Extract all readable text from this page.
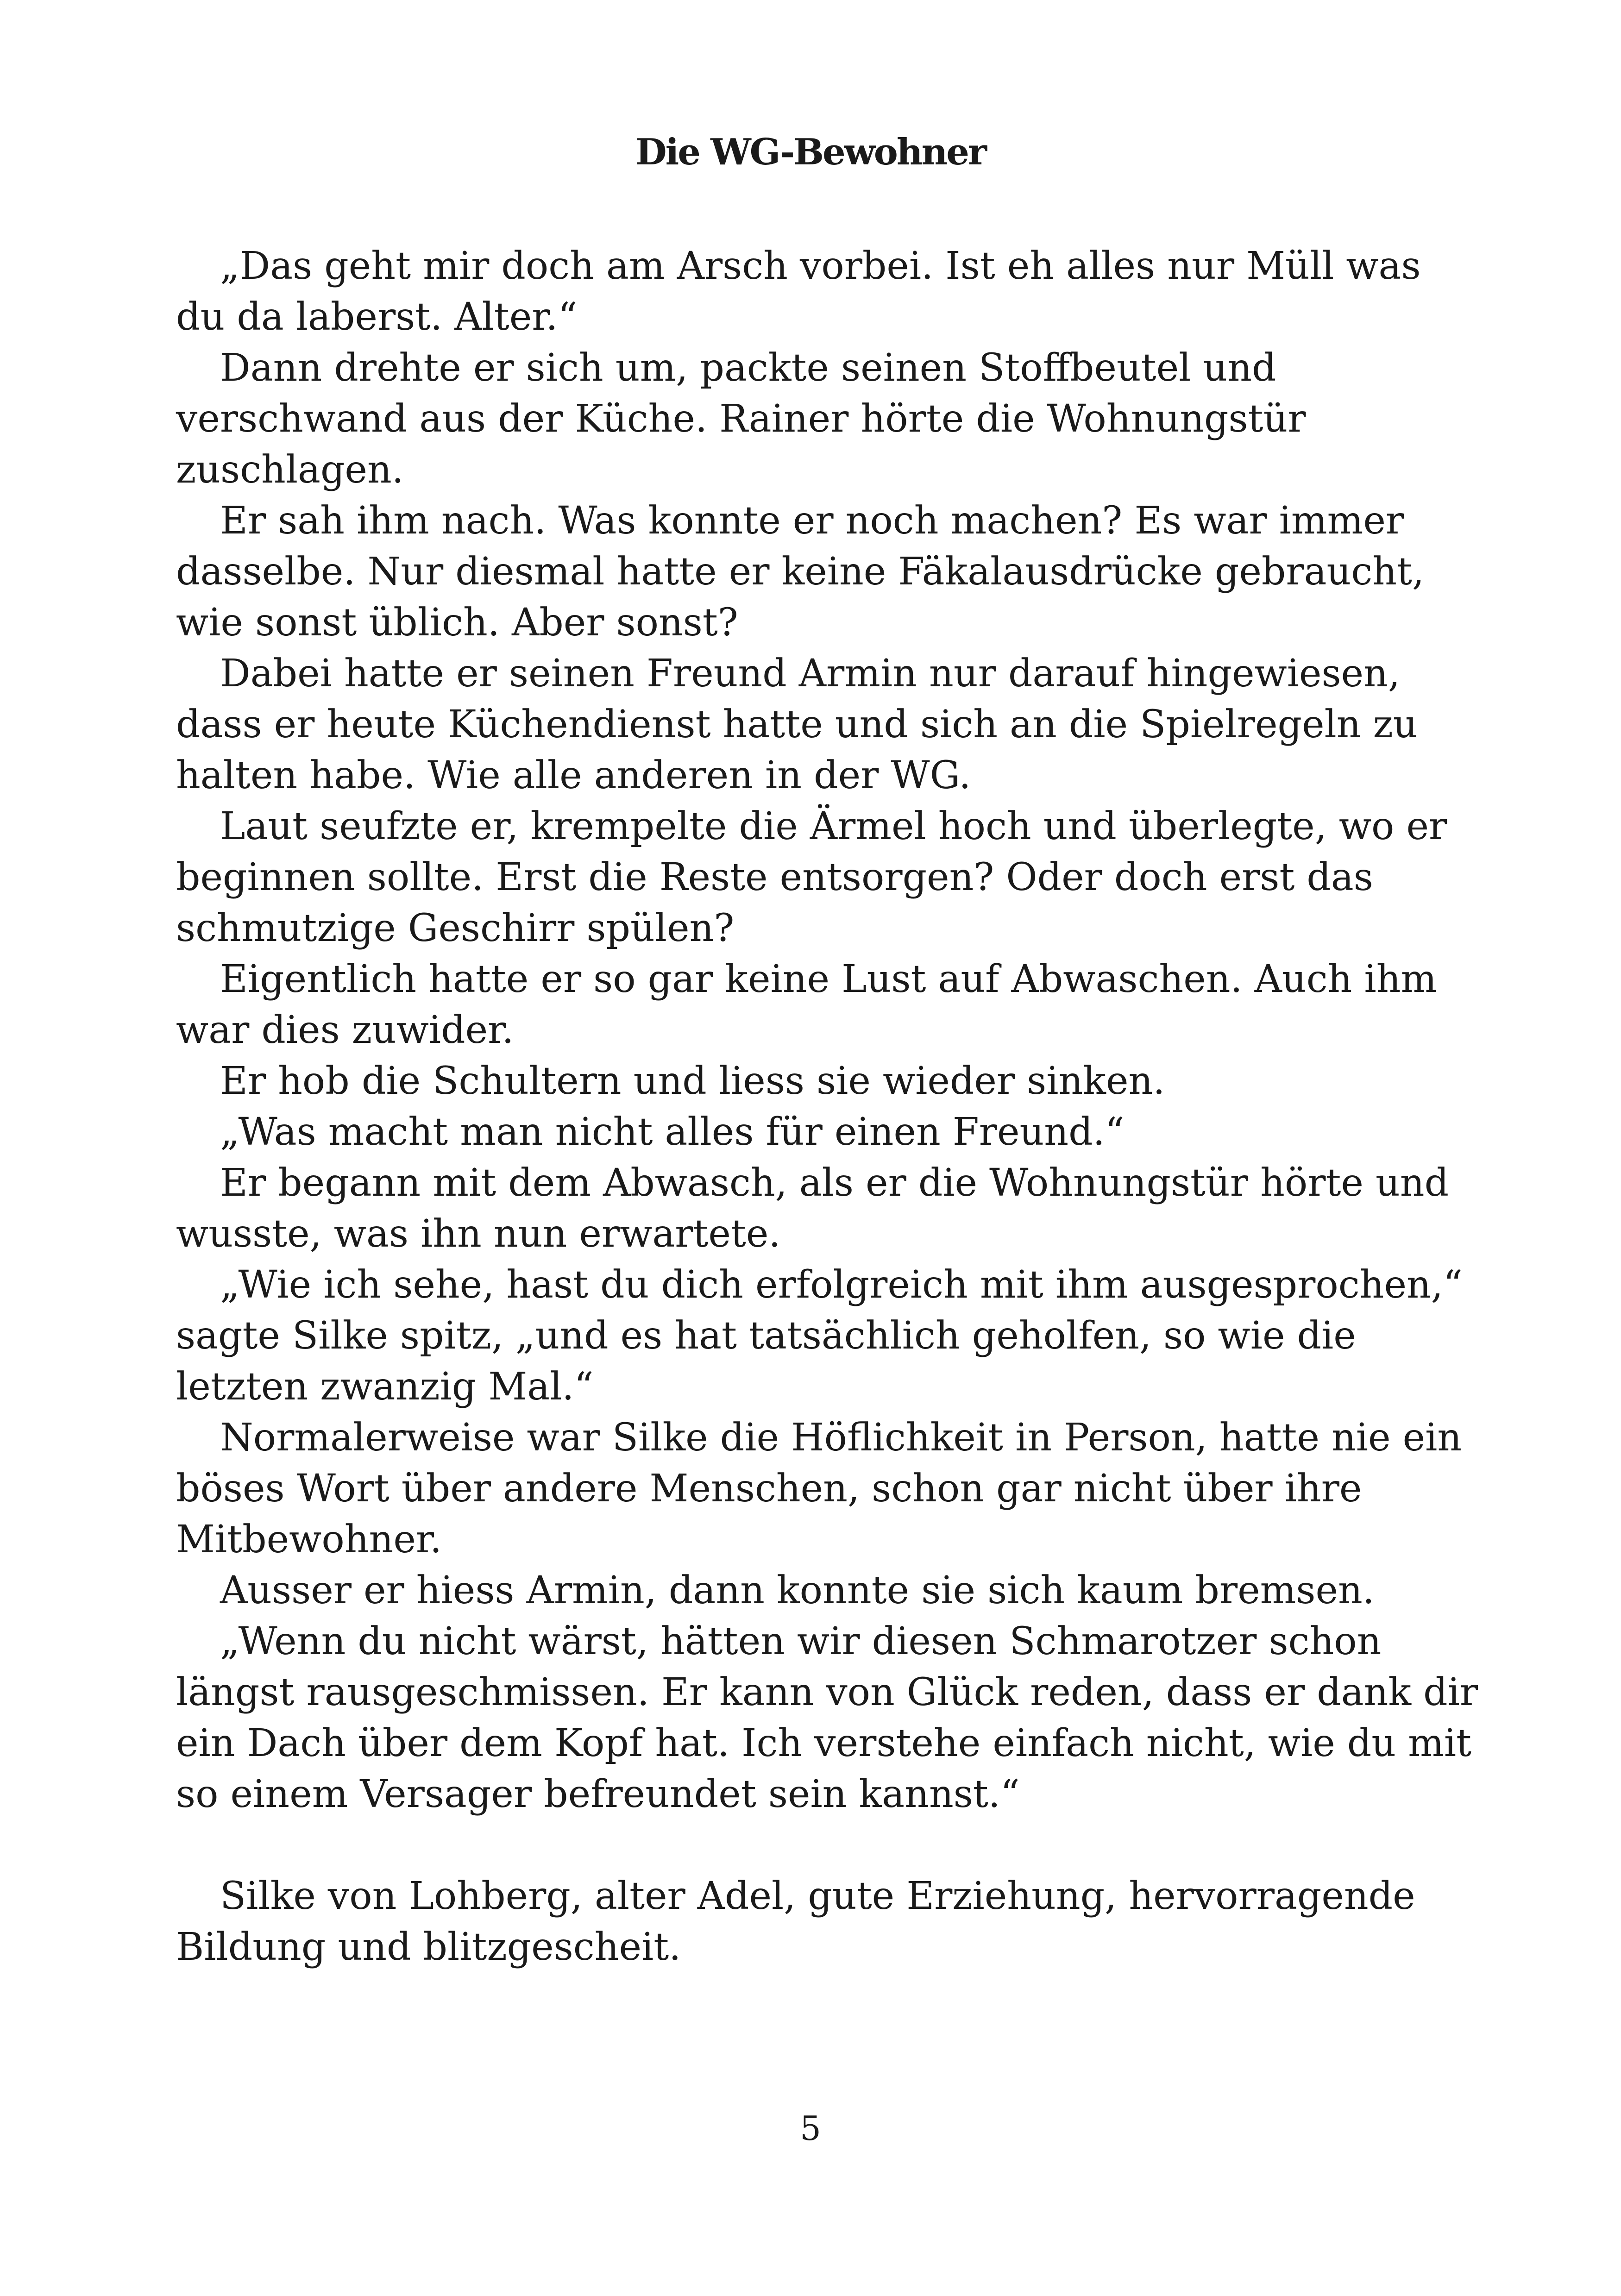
Die WG-Bewohner

„Das geht mir doch am Arsch vorbei. Ist eh alles nur Müll was
du da laberst. Alter.“

Dann drehte er sich um, packte seinen Stoffbeutel und
verschwand aus der Küche. Rainer hörte die Wohnungstür
zuschlagen.

Er sah ihm nach. Was konnte er noch machen? Es war immer
dasselbe. Nur diesmal hatte er keine Fäkalausdrücke gebraucht,
wie sonst üblich. Aber sonst?

Dabei hatte er seinen Freund Armin nur darauf hingewiesen,
dass er heute Küchendienst hatte und sich an die Spielregeln zu
halten habe. Wie alle anderen in der WG.

Laut seufzte er, krempelte die Ärmel hoch und überlegte, wo er
beginnen sollte. Erst die Reste entsorgen? Oder doch erst das
schmutzige Geschirr spülen?

Eigentlich hatte er so gar keine Lust auf Abwaschen. Auch ihm
war dies zuwider.

Er hob die Schultern und liess sie wieder sinken.

„Was macht man nicht alles für einen Freund.“

Er begann mit dem Abwasch, als er die Wohnungstür hörte und
wusste, was ihn nun erwartete.

„Wie ich sehe, hast du dich erfolgreich mit ihm ausgesprochen,“
sagte Silke spitz, „und es hat tatsächlich geholfen, so wie die
letzten zwanzig Mal.“

Normalerweise war Silke die Höflichkeit in Person, hatte nie ein
böses Wort über andere Menschen, schon gar nicht über ihre
Mitbewohner.

Ausser er hiess Armin, dann konnte sie sich kaum bremsen.

„Wenn du nicht wärst, hätten wir diesen Schmarotzer schon
längst rausgeschmissen. Er kann von Glück reden, dass er dank dir
ein Dach über dem Kopf hat. Ich verstehe einfach nicht, wie du mit
so einem Versager befreundet sein kannst.“

Silke von Lohberg, alter Adel, gute Erziehung, hervorragende
Bildung und blitzgescheit.

5
